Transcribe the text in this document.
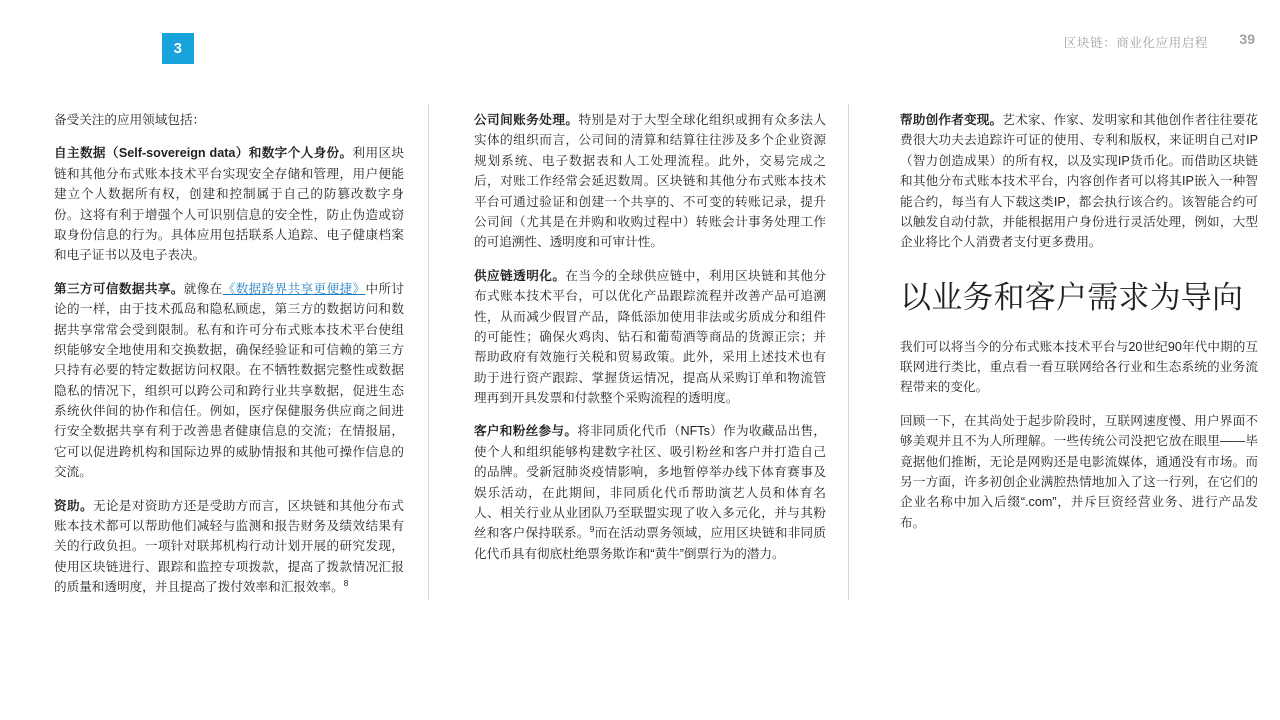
3	区块链：商业化应用启程 39

备受关注的应用领域包括：

自主数据（Self-sovereign data）和数字个人身份。利用区块链和其他分布式账本技术平台实现安全存储和管理，用户便能建立个人数据所有权，创建和控制属于自己的防篡改数字身份。这将有利于增强个人可识别信息的安全性，防止伪造或窃取身份信息的行为。具体应用包括联系人追踪、电子健康档案和电子证书以及电子表决。

第三方可信数据共享。就像在《数据跨界共享更便捷》中所讨论的一样，由于技术孤岛和隐私顾虑，第三方的数据访问和数据共享常常会受到限制。私有和许可分布式账本技术平台使组织能够安全地使用和交换数据，确保经验证和可信赖的第三方只持有必要的特定数据访问权限。在不牺牲数据完整性或数据隐私的情况下，组织可以跨公司和跨行业共享数据，促进生态系统伙伴间的协作和信任。例如，医疗保健服务供应商之间进行安全数据共享有利于改善患者健康信息的交流；在情报届，它可以促进跨机构和国际边界的威胁情报和其他可操作信息的交流。

资助。无论是对资助方还是受助方而言，区块链和其他分布式账本技术都可以帮助他们减轻与监测和报告财务及绩效结果有关的行政负担。一项针对联邦机构行动计划开展的研究发现，使用区块链进行、跟踪和监控专项拨款，提高了拨款情况汇报的质量和透明度，并且提高了拨付效率和汇报效率。$^8$

公司间账务处理。特别是对于大型全球化组织或拥有众多法人实体的组织而言，公司间的清算和结算往往涉及多个企业资源规划系统、电子数据表和人工处理流程。此外，交易完成之后，对账工作经常会延迟数周。区块链和其他分布式账本技术平台可通过验证和创建一个共享的、不可变的转账记录，提升公司间（尤其是在并购和收购过程中）转账会计事务处理工作的可追溯性、透明度和可审计性。

供应链透明化。在当今的全球供应链中，利用区块链和其他分布式账本技术平台，可以优化产品跟踪流程并改善产品可追溯性，从而减少假冒产品，降低添加使用非法或劣质成分和组件的可能性；确保火鸡肉、钻石和葡萄酒等商品的货源正宗；并帮助政府有效施行关税和贸易政策。此外，采用上述技术也有助于进行资产跟踪、掌握货运情况，提高从采购订单和物流管理再到开具发票和付款整个采购流程的透明度。

客户和粉丝参与。将非同质化代币（NFTs）作为收藏品出售，使个人和组织能够构建数字社区、吸引粉丝和客户并打造自己的品牌。受新冠肺炎疫情影响，多地暂停举办线下体育赛事及娱乐活动，在此期间，非同质化代币帮助演艺人员和体育名人、相关行业从业团队乃至联盟实现了收入多元化，并与其粉丝和客户保持联系。$^9$而在活动票务领域，应用区块链和非同质化代币具有彻底杜绝票务欺诈和“黄牛”倒票行为的潜力。

帮助创作者变现。艺术家、作家、发明家和其他创作者往往要花费很大功夫去追踪许可证的使用、专利和版权，来证明自己对IP（智力创造成果）的所有权，以及实现IP货币化。而借助区块链和其他分布式账本技术平台，内容创作者可以将其IP嵌入一种智能合约，每当有人下载这类IP，都会执行该合约。该智能合约可以触发自动付款，并能根据用户身份进行灵活处理，例如，大型企业将比个人消费者支付更多费用。

以业务和客户需求为导向

我们可以将当今的分布式账本技术平台与20世纪90年代中期的互联网进行类比，重点看一看互联网给各行业和生态系统的业务流程带来的变化。

回顾一下，在其尚处于起步阶段时，互联网速度慢、用户界面不够美观并且不为人所理解。一些传统公司没把它放在眼里——毕竟据他们推断，无论是网购还是电影流媒体，通通没有市场。而另一方面，许多初创企业满腔热情地加入了这一行列，在它们的企业名称中加入后缀“.com”，并斥巨资经营业务、进行产品发布。
